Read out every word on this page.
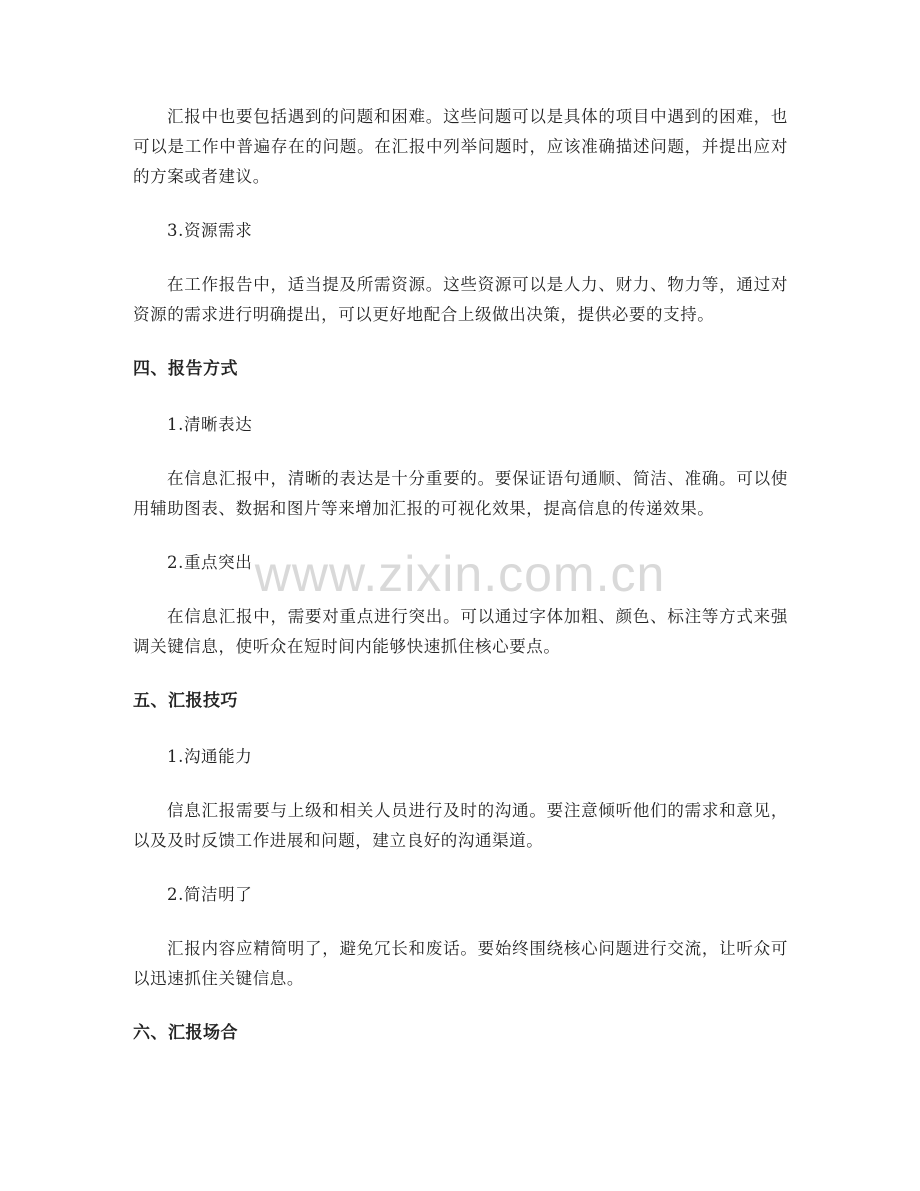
www.zixin.com.cn

汇报中也要包括遇到的问题和困难。这些问题可以是具体的项目中遇到的困难，也可以是工作中普遍存在的问题。在汇报中列举问题时，应该准确描述问题，并提出应对的方案或者建议。

3.资源需求

在工作报告中，适当提及所需资源。这些资源可以是人力、财力、物力等，通过对资源的需求进行明确提出，可以更好地配合上级做出决策，提供必要的支持。

四、报告方式

1.清晰表达

在信息汇报中，清晰的表达是十分重要的。要保证语句通顺、简洁、准确。可以使用辅助图表、数据和图片等来增加汇报的可视化效果，提高信息的传递效果。

2.重点突出

在信息汇报中，需要对重点进行突出。可以通过字体加粗、颜色、标注等方式来强调关键信息，使听众在短时间内能够快速抓住核心要点。

五、汇报技巧

1.沟通能力

信息汇报需要与上级和相关人员进行及时的沟通。要注意倾听他们的需求和意见，以及及时反馈工作进展和问题，建立良好的沟通渠道。

2.简洁明了

汇报内容应精简明了，避免冗长和废话。要始终围绕核心问题进行交流，让听众可以迅速抓住关键信息。

六、汇报场合
